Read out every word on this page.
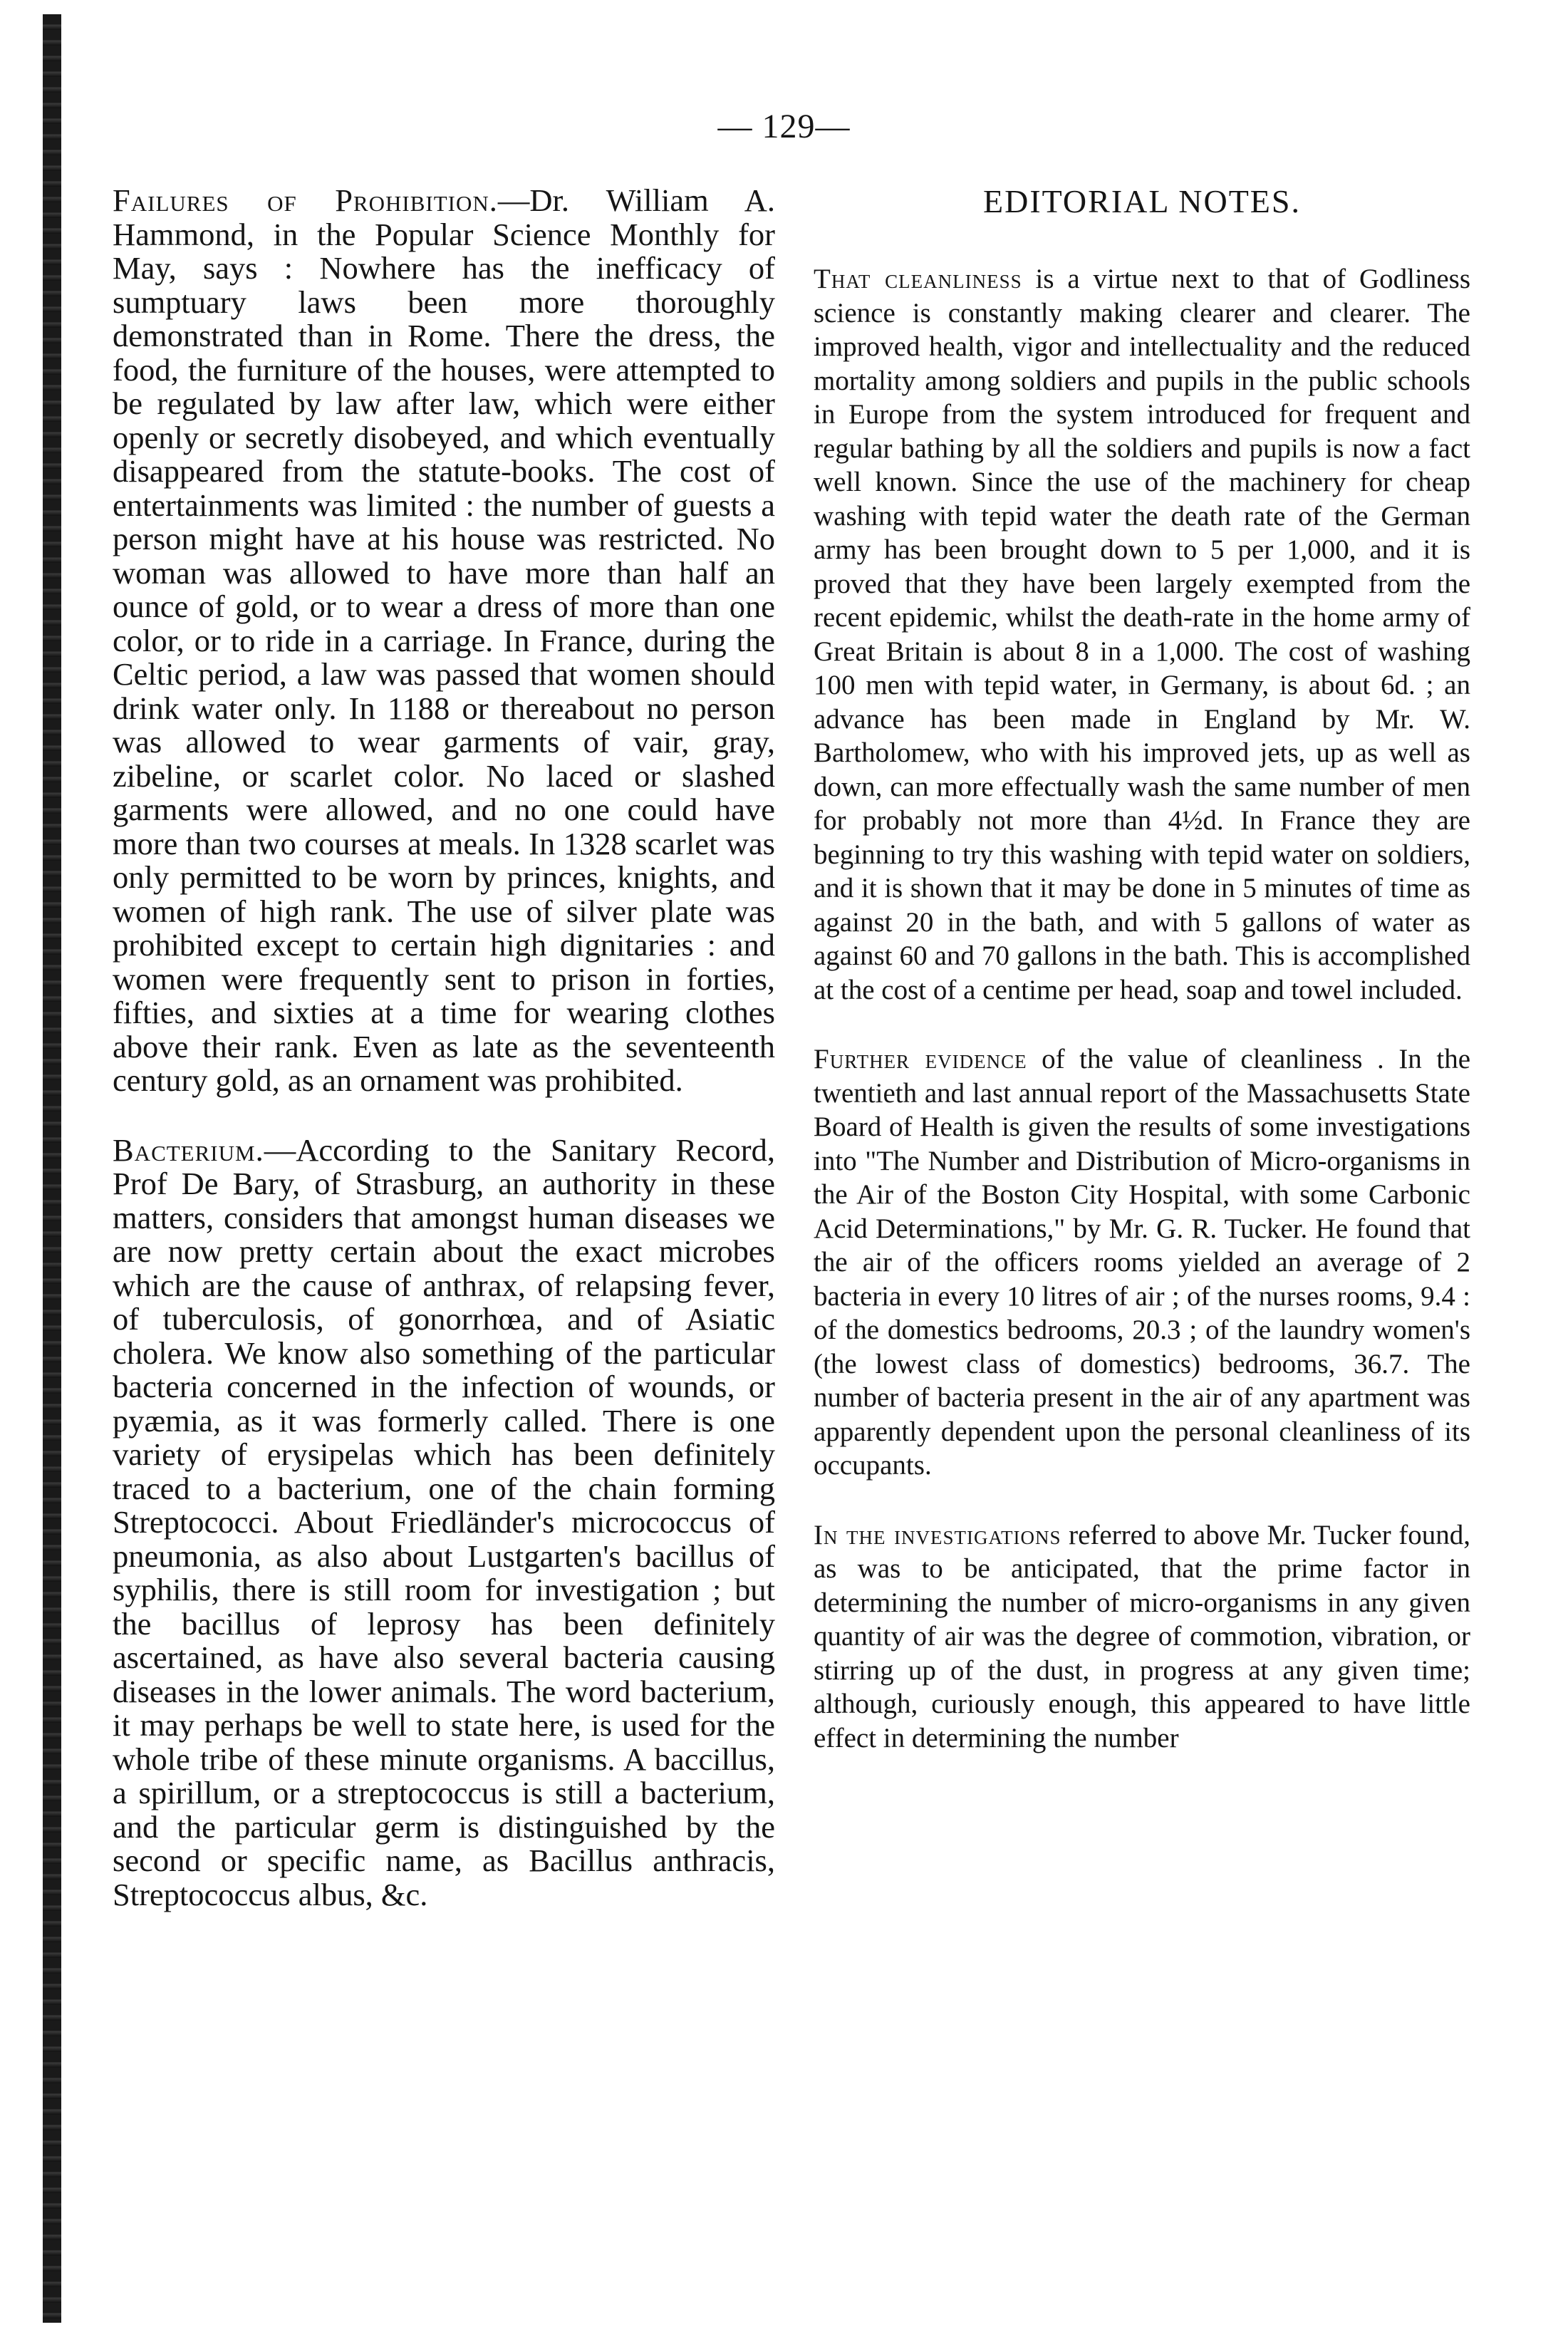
— 129—

Failures of Prohibition.—Dr. William A. Hammond, in the Popular Science Monthly for May, says : Nowhere has the inefficacy of sumptuary laws been more thoroughly demonstrated than in Rome. There the dress, the food, the furniture of the houses, were attempted to be regulated by law after law, which were either openly or secretly disobeyed, and which eventually disappeared from the statute-books. The cost of entertainments was limited : the number of guests a person might have at his house was restricted. No woman was allowed to have more than half an ounce of gold, or to wear a dress of more than one color, or to ride in a carriage. In France, during the Celtic period, a law was passed that women should drink water only. In 1188 or thereabout no person was allowed to wear garments of vair, gray, zibeline, or scarlet color. No laced or slashed garments were allowed, and no one could have more than two courses at meals. In 1328 scarlet was only permitted to be worn by princes, knights, and women of high rank. The use of silver plate was prohibited except to certain high dignitaries : and women were frequently sent to prison in forties, fifties, and sixties at a time for wearing clothes above their rank. Even as late as the seventeenth century gold, as an ornament was prohibited.

Bacterium.—According to the Sanitary Record, Prof De Bary, of Strasburg, an authority in these matters, considers that amongst human diseases we are now pretty certain about the exact microbes which are the cause of anthrax, of relapsing fever, of tuberculosis, of gonorrhœa, and of Asiatic cholera. We know also something of the particular bacteria concerned in the infection of wounds, or pyæmia, as it was formerly called. There is one variety of erysipelas which has been definitely traced to a bacterium, one of the chain forming Streptococci. About Friedländer's micrococcus of pneumonia, as also about Lustgarten's bacillus of syphilis, there is still room for investigation ; but the bacillus of leprosy has been definitely ascertained, as have also several bacteria causing diseases in the lower animals. The word bacterium, it may perhaps be well to state here, is used for the whole tribe of these minute organisms. A baccillus, a spirillum, or a streptococcus is still a bacterium, and the particular germ is distinguished by the second or specific name, as Bacillus anthracis, Streptococcus albus, &c.

EDITORIAL NOTES.

That cleanliness is a virtue next to that of Godliness science is constantly making clearer and clearer. The improved health, vigor and intellectuality and the reduced mortality among soldiers and pupils in the public schools in Europe from the system introduced for frequent and regular bathing by all the soldiers and pupils is now a fact well known. Since the use of the machinery for cheap washing with tepid water the death rate of the German army has been brought down to 5 per 1,000, and it is proved that they have been largely exempted from the recent epidemic, whilst the death-rate in the home army of Great Britain is about 8 in a 1,000. The cost of washing 100 men with tepid water, in Germany, is about 6d. ; an advance has been made in England by Mr. W. Bartholomew, who with his improved jets, up as well as down, can more effectually wash the same number of men for probably not more than 4½d. In France they are beginning to try this washing with tepid water on soldiers, and it is shown that it may be done in 5 minutes of time as against 20 in the bath, and with 5 gallons of water as against 60 and 70 gallons in the bath. This is accomplished at the cost of a centime per head, soap and towel included.

Further evidence of the value of cleanliness . In the twentieth and last annual report of the Massachusetts State Board of Health is given the results of some investigations into "The Number and Distribution of Micro-organisms in the Air of the Boston City Hospital, with some Carbonic Acid Determinations," by Mr. G. R. Tucker. He found that the air of the officers rooms yielded an average of 2 bacteria in every 10 litres of air ; of the nurses rooms, 9.4 : of the domestics bedrooms, 20.3 ; of the laundry women's (the lowest class of domestics) bedrooms, 36.7. The number of bacteria present in the air of any apartment was apparently dependent upon the personal cleanliness of its occupants.

In the investigations referred to above Mr. Tucker found, as was to be anticipated, that the prime factor in determining the number of micro-organisms in any given quantity of air was the degree of commotion, vibration, or stirring up of the dust, in progress at any given time; although, curiously enough, this appeared to have little effect in determining the number
